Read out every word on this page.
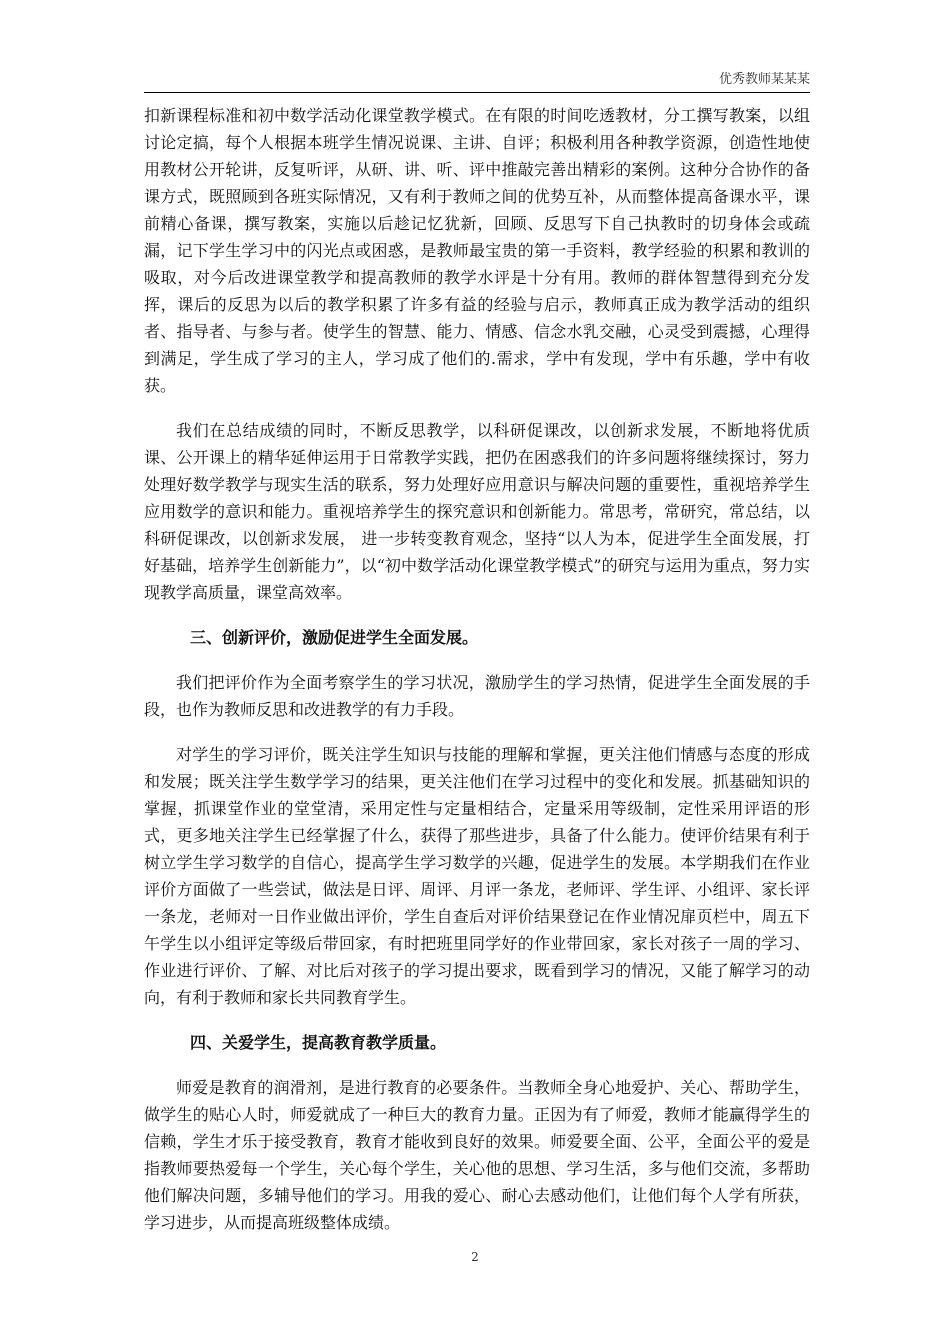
优秀教师某某某

扣新课程标准和初中数学活动化课堂教学模式。在有限的时间吃透教材，分工撰写教案，以组讨论定搞，每个人根据本班学生情况说课、主讲、自评；积极利用各种教学资源，创造性地使用教材公开轮讲，反复听评，从研、讲、听、评中推敲完善出精彩的案例。这种分合协作的备课方式，既照顾到各班实际情况，又有利于教师之间的优势互补，从而整体提高备课水平，课前精心备课，撰写教案，实施以后趁记忆犹新，回顾、反思写下自己执教时的切身体会或疏漏，记下学生学习中的闪光点或困惑，是教师最宝贵的第一手资料，教学经验的积累和教训的吸取，对今后改进课堂教学和提高教师的教学水评是十分有用。教师的群体智慧得到充分发挥，课后的反思为以后的教学积累了许多有益的经验与启示，教师真正成为教学活动的组织者、指导者、与参与者。使学生的智慧、能力、情感、信念水乳交融，心灵受到震撼，心理得到满足，学生成了学习的主人，学习成了他们的.需求，学中有发现，学中有乐趣，学中有收获。

我们在总结成绩的同时，不断反思教学，以科研促课改，以创新求发展，不断地将优质课、公开课上的精华延伸运用于日常教学实践，把仍在困惑我们的许多问题将继续探讨，努力处理好数学教学与现实生活的联系，努力处理好应用意识与解决问题的重要性，重视培养学生应用数学的意识和能力。重视培养学生的探究意识和创新能力。常思考，常研究，常总结，以科研促课改，以创新求发展， 进一步转变教育观念，坚持“以人为本，促进学生全面发展，打好基础，培养学生创新能力”，以“初中数学活动化课堂教学模式”的研究与运用为重点，努力实现教学高质量，课堂高效率。

三、创新评价，激励促进学生全面发展。

我们把评价作为全面考察学生的学习状况，激励学生的学习热情，促进学生全面发展的手段，也作为教师反思和改进教学的有力手段。

对学生的学习评价，既关注学生知识与技能的理解和掌握，更关注他们情感与态度的形成和发展；既关注学生数学学习的结果，更关注他们在学习过程中的变化和发展。抓基础知识的掌握，抓课堂作业的堂堂清，采用定性与定量相结合，定量采用等级制，定性采用评语的形式，更多地关注学生已经掌握了什么，获得了那些进步，具备了什么能力。使评价结果有利于树立学生学习数学的自信心，提高学生学习数学的兴趣，促进学生的发展。本学期我们在作业评价方面做了一些尝试，做法是日评、周评、月评一条龙，老师评、学生评、小组评、家长评一条龙，老师对一日作业做出评价，学生自查后对评价结果登记在作业情况扉页栏中，周五下午学生以小组评定等级后带回家，有时把班里同学好的作业带回家，家长对孩子一周的学习、作业进行评价、了解、对比后对孩子的学习提出要求，既看到学习的情况，又能了解学习的动向，有利于教师和家长共同教育学生。

四、关爱学生，提高教育教学质量。

师爱是教育的润滑剂，是进行教育的必要条件。当教师全身心地爱护、关心、帮助学生，做学生的贴心人时，师爱就成了一种巨大的教育力量。正因为有了师爱，教师才能赢得学生的信赖，学生才乐于接受教育，教育才能收到良好的效果。师爱要全面、公平，全面公平的爱是指教师要热爱每一个学生，关心每个学生，关心他的思想、学习生活，多与他们交流，多帮助他们解决问题，多辅导他们的学习。用我的爱心、耐心去感动他们，让他们每个人学有所获，学习进步，从而提高班级整体成绩。

2
